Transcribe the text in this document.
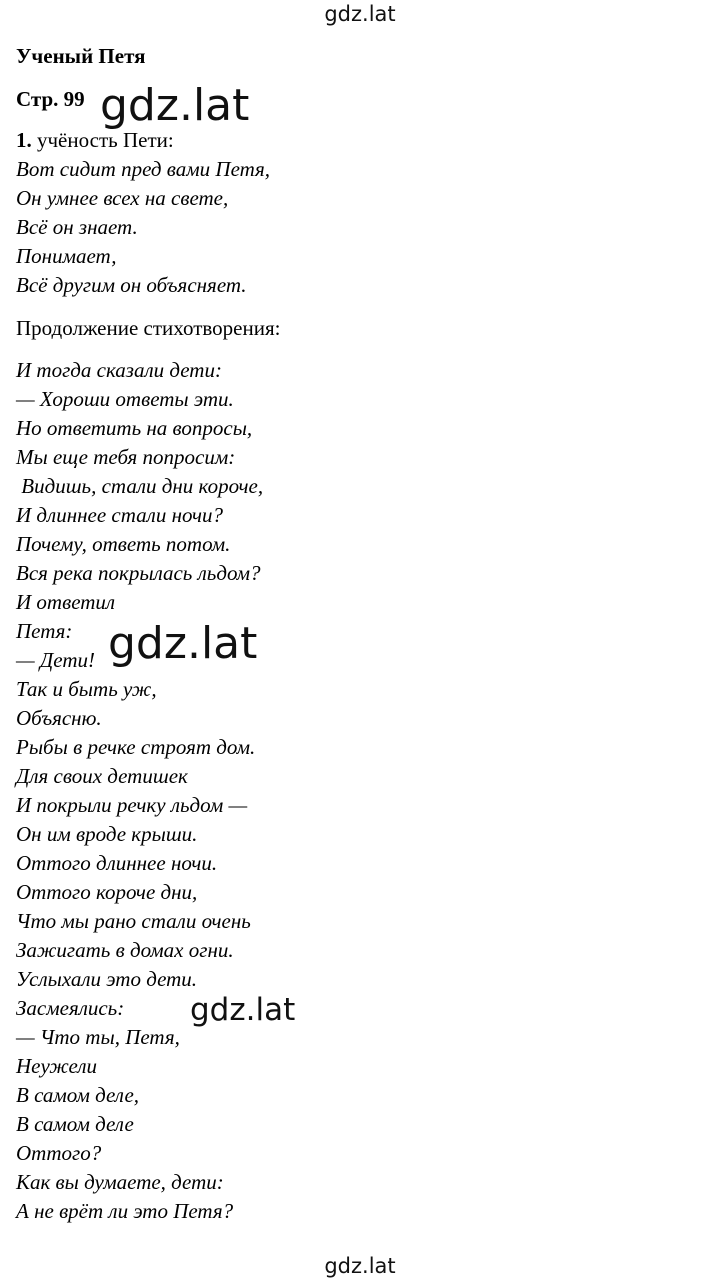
gdz.lat
gdz.lat
gdz.lat
gdz.lat
gdz.lat
Ученый Петя
Стр. 99
1. учёность Пети:
Вот сидит пред вами Петя,
Он умнее всех на свете,
Всё он знает.
Понимает,
Всё другим он объясняет.
Продолжение стихотворения:
И тогда сказали дети:
— Хороши ответы эти.
Но ответить на вопросы,
Мы еще тебя попросим:
Видишь, стали дни короче,
И длиннее стали ночи?
Почему, ответь потом.
Вся река покрылась льдом?
И ответил
Петя:
— Дети!
Так и быть уж,
Объясню.
Рыбы в речке строят дом.
Для своих детишек
И покрыли речку льдом —
Он им вроде крыши.
Оттого длиннее ночи.
Оттого короче дни,
Что мы рано стали очень
Зажигать в домах огни.
Услыхали это дети.
Засмеялись:
— Что ты, Петя,
Неужели
В самом деле,
В самом деле
Оттого?
Как вы думаете, дети:
А не врёт ли это Петя?
